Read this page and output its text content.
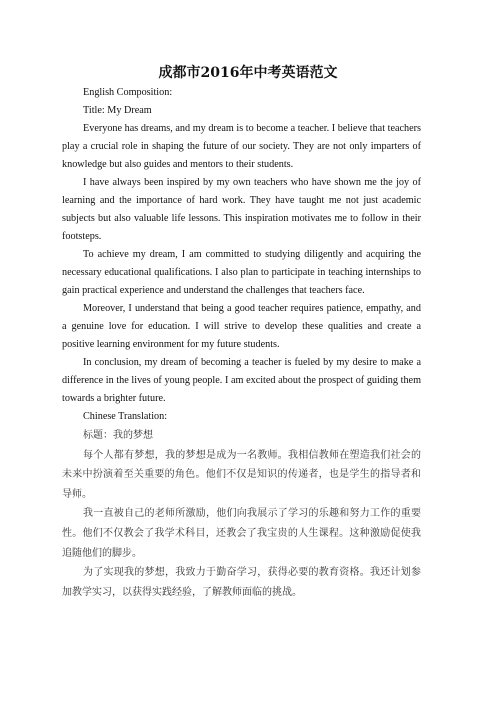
成都市2016年中考英语范文

English Composition:

Title: My Dream

Everyone has dreams, and my dream is to become a teacher. I believe that teachers play a crucial role in shaping the future of our society. They are not only imparters of knowledge but also guides and mentors to their students.

I have always been inspired by my own teachers who have shown me the joy of learning and the importance of hard work. They have taught me not just academic subjects but also valuable life lessons. This inspiration motivates me to follow in their footsteps.

To achieve my dream, I am committed to studying diligently and acquiring the necessary educational qualifications. I also plan to participate in teaching internships to gain practical experience and understand the challenges that teachers face.

Moreover, I understand that being a good teacher requires patience, empathy, and a genuine love for education. I will strive to develop these qualities and create a positive learning environment for my future students.

In conclusion, my dream of becoming a teacher is fueled by my desire to make a difference in the lives of young people. I am excited about the prospect of guiding them towards a brighter future.

Chinese Translation:

标题：我的梦想

每个人都有梦想，我的梦想是成为一名教师。我相信教师在塑造我们社会的未来中扮演着至关重要的角色。他们不仅是知识的传递者，也是学生的指导者和导师。

我一直被自己的老师所激励，他们向我展示了学习的乐趣和努力工作的重要性。他们不仅教会了我学术科目，还教会了我宝贵的人生课程。这种激励促使我追随他们的脚步。

为了实现我的梦想，我致力于勤奋学习，获得必要的教育资格。我还计划参加教学实习，以获得实践经验，了解教师面临的挑战。
